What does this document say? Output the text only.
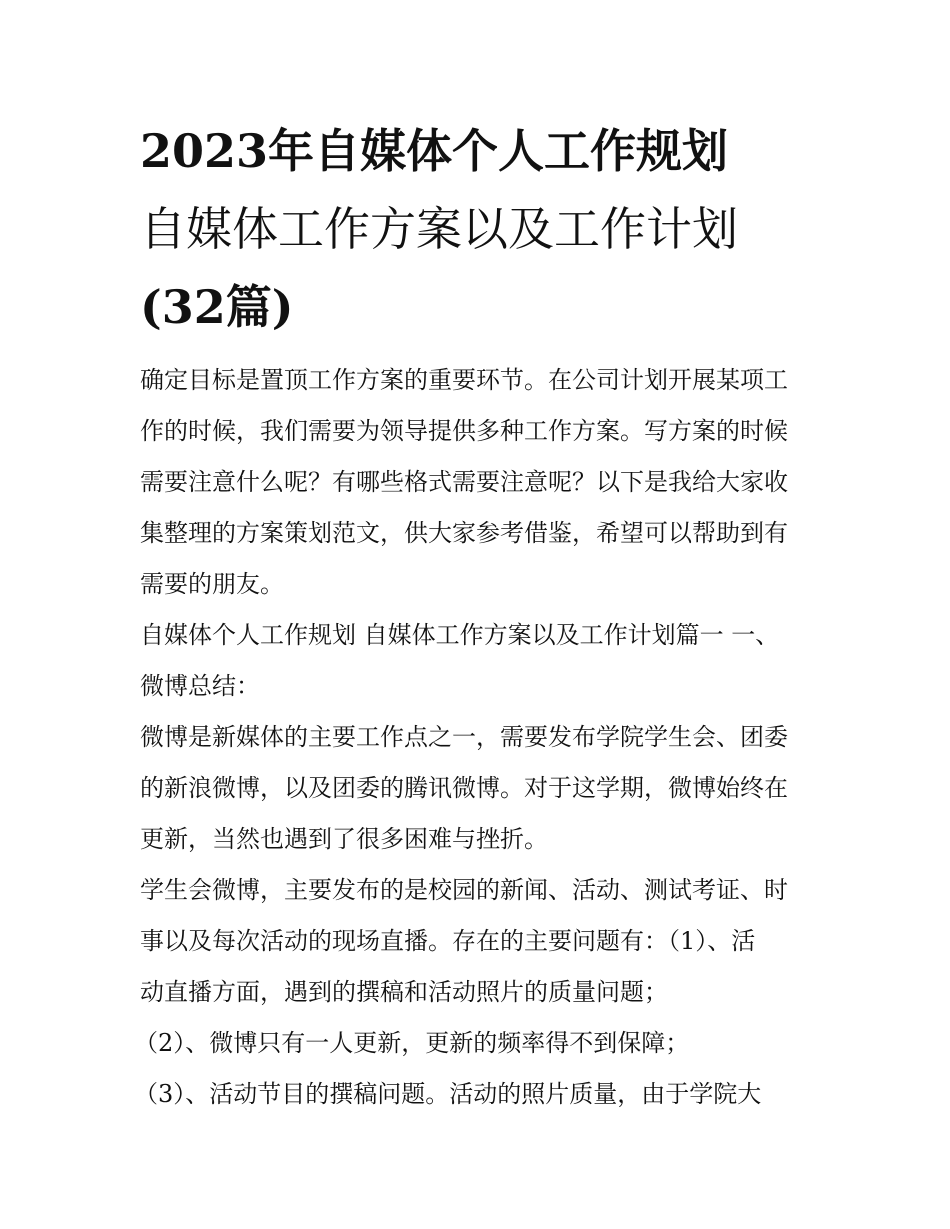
2023年自媒体个人工作规划
自媒体工作方案以及工作计划
(32篇)

确定目标是置顶工作方案的重要环节。在公司计划开展某项工
作的时候，我们需要为领导提供多种工作方案。写方案的时候
需要注意什么呢？有哪些格式需要注意呢？以下是我给大家收
集整理的方案策划范文，供大家参考借鉴，希望可以帮助到有
需要的朋友。

自媒体个人工作规划 自媒体工作方案以及工作计划篇一 一、
微博总结：

微博是新媒体的主要工作点之一，需要发布学院学生会、团委
的新浪微博，以及团委的腾讯微博。对于这学期，微博始终在
更新，当然也遇到了很多困难与挫折。

学生会微博，主要发布的是校园的新闻、活动、测试考证、时
事以及每次活动的现场直播。存在的主要问题有：（1）、活
动直播方面，遇到的撰稿和活动照片的质量问题；

（2）、微博只有一人更新，更新的频率得不到保障；

（3）、活动节目的撰稿问题。活动的照片质量，由于学院大
